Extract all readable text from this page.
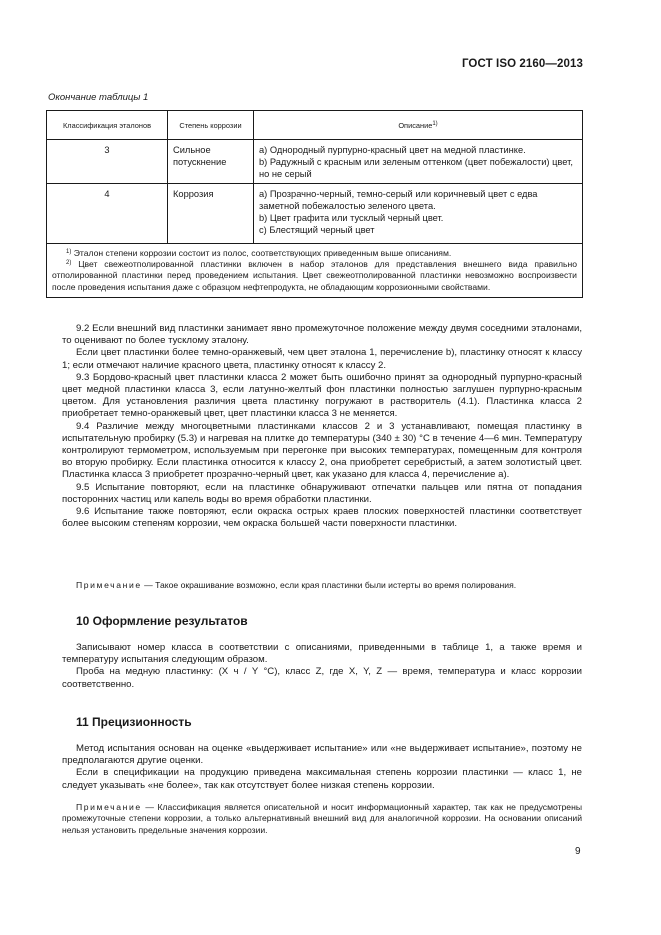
ГОСТ ISO 2160—2013
Окончание таблицы 1
Классификация эталонов	Степень коррозии	Описание$^{1)}$
3	Сильное потускнение	a) Однородный пурпурно-красный цвет на медной пластинке.
b) Радужный с красным или зеленым оттенком (цвет побежалости) цвет, но не серый

4	Коррозия	a) Прозрачно-черный, темно-серый или коричневый цвет с едва заметной побежалостью зеленого цвета.
b) Цвет графита или тусклый черный цвет.
c) Блестящий черный цвет

$^{1)}$ Эталон степени коррозии состоит из полос, соответствующих приведенным выше описаниям.
$^{2)}$ Цвет свежеотполированной пластинки включен в набор эталонов для представления внешнего вида правильно отполированной пластинки перед проведением испытания. Цвет свежеотполированной пластинки невозможно воспроизвести после проведения испытания даже с образцом нефтепродукта, не обладающим коррозионными свойствами.		

9.2 Если внешний вид пластинки занимает явно промежуточное положение между двумя соседними эталонами, то оценивают по более тусклому эталону.

Если цвет пластинки более темно-оранжевый, чем цвет эталона 1, перечисление b), пластинку относят к классу 1; если отмечают наличие красного цвета, пластинку относят к классу 2.

9.3 Бордово-красный цвет пластинки класса 2 может быть ошибочно принят за однородный пурпурно-красный цвет медной пластинки класса 3, если латунно-желтый фон пластинки полностью заглушен пурпурно-красным цветом. Для установления различия цвета пластинку погружают в растворитель (4.1). Пластинка класса 2 приобретает темно-оранжевый цвет, цвет пластинки класса 3 не меняется.

9.4 Различие между многоцветными пластинками классов 2 и 3 устанавливают, помещая пластинку в испытательную пробирку (5.3) и нагревая на плитке до температуры (340 ± 30) °C в течение 4—6 мин. Температуру контролируют термометром, используемым при перегонке при высоких температурах, помещенным для контроля во вторую пробирку. Если пластинка относится к классу 2, она приобретет серебристый, а затем золотистый цвет. Пластинка класса 3 приобретет прозрачно-черный цвет, как указано для класса 4, перечисление а).

9.5 Испытание повторяют, если на пластинке обнаруживают отпечатки пальцев или пятна от попадания посторонних частиц или капель воды во время обработки пластинки.

9.6 Испытание также повторяют, если окраска острых краев плоских поверхностей пластинки соответствует более высоким степеням коррозии, чем окраска большей части поверхности пластинки.

Примечание — Такое окрашивание возможно, если края пластинки были истерты во время полирования.
10 Оформление результатов

Записывают номер класса в соответствии с описаниями, приведенными в таблице 1, а также время и температуру испытания следующим образом.

Проба на медную пластинку: (X ч / Y °C), класс Z, где X, Y, Z — время, температура и класс коррозии соответственно.

11 Прецизионность

Метод испытания основан на оценке «выдерживает испытание» или «не выдерживает испытание», поэтому не предполагаются другие оценки.

Если в спецификации на продукцию приведена максимальная степень коррозии пластинки — класс 1, не следует указывать «не более», так как отсутствует более низкая степень коррозии.

Примечание — Классификация является описательной и носит информационный характер, так как не предусмотрены промежуточные степени коррозии, а только альтернативный внешний вид для аналогичной коррозии. На основании описаний нельзя установить предельные значения коррозии.
9
